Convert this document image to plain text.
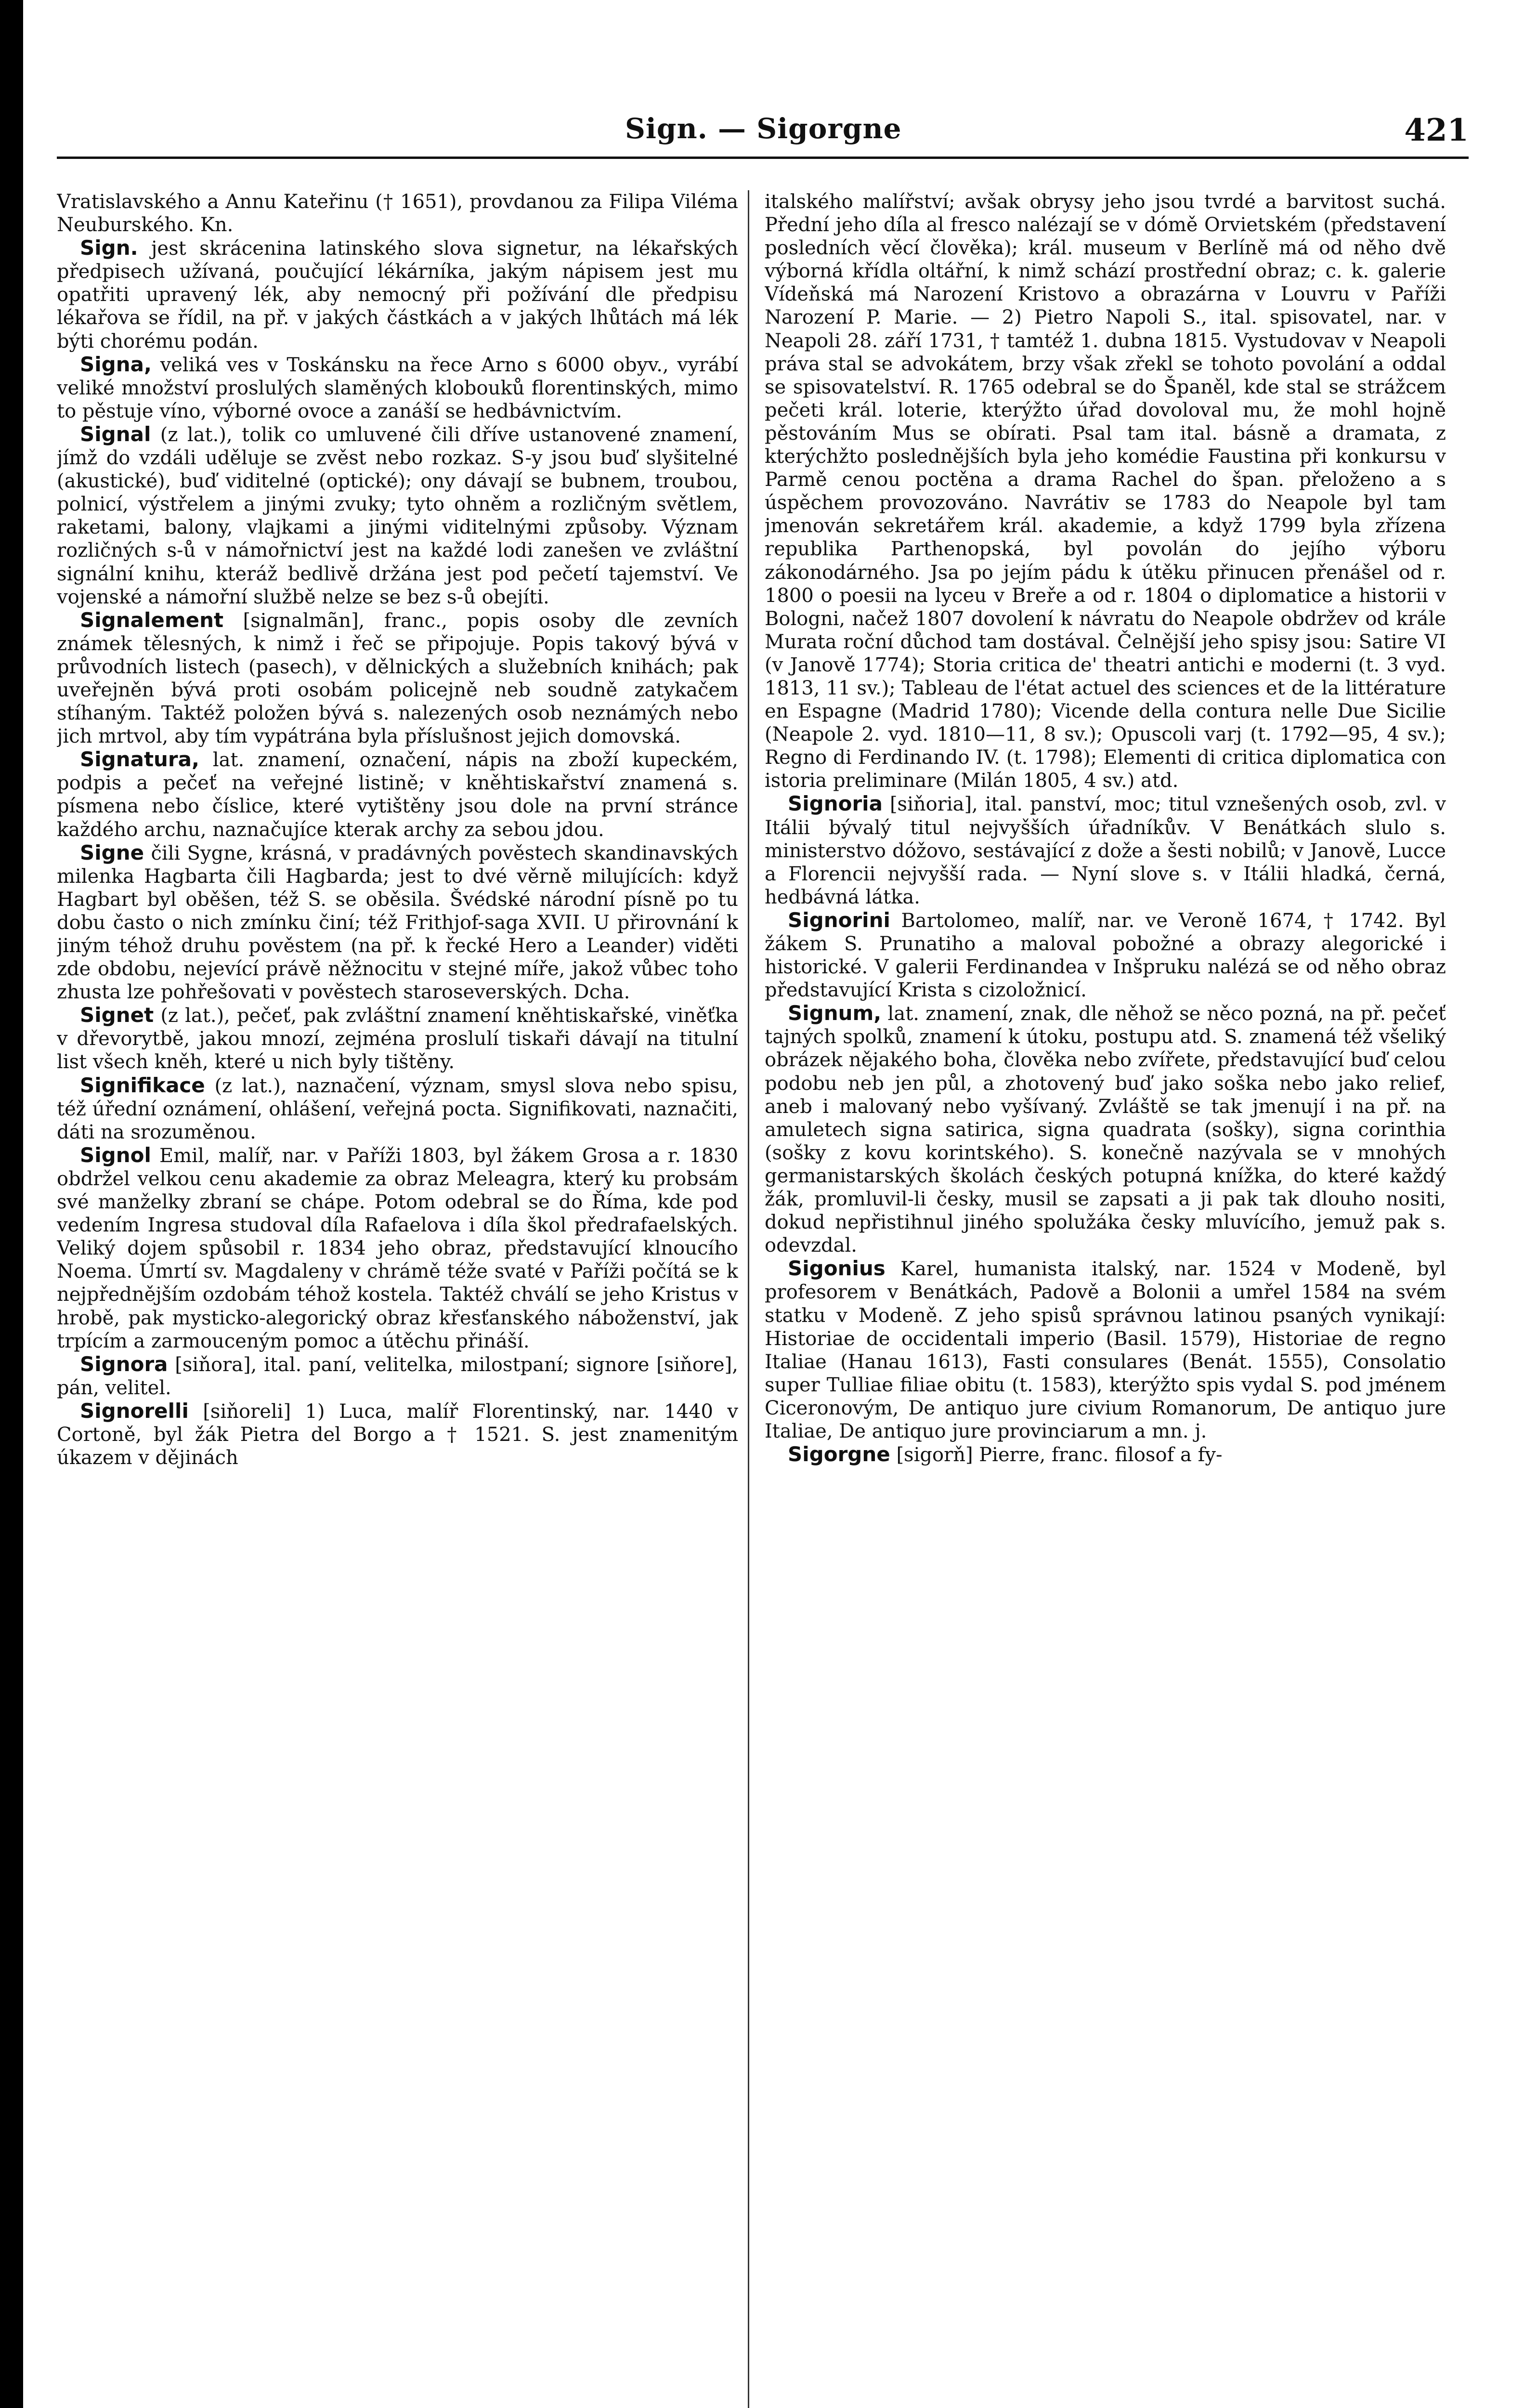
Sign. — Sigorgne	421

Vratislavského a Annu Kateřinu († 1651), provdanou za Filipa Viléma Neuburského. Kn.

Sign. jest skrácenina latinského slova signetur, na lékařských předpisech užívaná, poučující lékárníka, jakým nápisem jest mu opatřiti upravený lék, aby nemocný při požívání dle předpisu lékařova se řídil, na př. v jakých částkách a v jakých lhůtách má lék býti chorému podán.

Signa, veliká ves v Toskánsku na řece Arno s 6000 obyv., vyrábí veliké množství proslulých slaměných klobouků florentinských, mimo to pěstuje víno, výborné ovoce a zanáší se hedbávnictvím.

Signal (z lat.), tolik co umluvené čili dříve ustanovené znamení, jímž do vzdáli uděluje se zvěst nebo rozkaz. S-y jsou buď slyšitelné (akustické), buď viditelné (optické); ony dávají se bubnem, troubou, polnicí, výstřelem a jinými zvuky; tyto ohněm a rozličným světlem, raketami, balony, vlajkami a jinými viditelnými způsoby. Význam rozličných s-ů v námořnictví jest na každé lodi zanešen ve zvláštní signální knihu, kteráž bedlivě držána jest pod pečetí tajemství. Ve vojenské a námořní službě nelze se bez s-ů obejíti.

Signalement [signalmãn], franc., popis osoby dle zevních známek tělesných, k nimž i řeč se připojuje. Popis takový bývá v průvodních listech (pasech), v dělnických a služebních knihách; pak uveřejněn bývá proti osobám policejně neb soudně zatykačem stíhaným. Taktéž položen bývá s. nalezených osob neznámých nebo jich mrtvol, aby tím vypátrána byla příslušnost jejich domovská.

Signatura, lat. znamení, označení, nápis na zboží kupeckém, podpis a pečeť na veřejné listině; v kněhtiskařství znamená s. písmena nebo číslice, které vytištěny jsou dole na první stránce každého archu, naznačujíce kterak archy za sebou jdou.

Signe čili Sygne, krásná, v pradávných pověstech skandinavských milenka Hagbarta čili Hagbarda; jest to dvé věrně milujících: když Hagbart byl oběšen, též S. se oběsila. Švédské národní písně po tu dobu často o nich zmínku činí; též Frithjof-saga XVII. U přirovnání k jiným téhož druhu pověstem (na př. k řecké Hero a Leander) viděti zde obdobu, nejevící právě něžnocitu v stejné míře, jakož vůbec toho zhusta lze pohřešovati v pověstech staroseverských. Dcha.

Signet (z lat.), pečeť, pak zvláštní znamení kněhtiskařské, viněťka v dřevorytbě, jakou mnozí, zejména proslulí tiskaři dávají na titulní list všech kněh, které u nich byly tištěny.

Signifikace (z lat.), naznačení, význam, smysl slova nebo spisu, též úřední oznámení, ohlášení, veřejná pocta. Signifikovati, naznačiti, dáti na srozuměnou.

Signol Emil, malíř, nar. v Paříži 1803, byl žákem Grosa a r. 1830 obdržel velkou cenu akademie za obraz Meleagra, který ku probsám své manželky zbraní se chápe. Potom odebral se do Říma, kde pod vedením Ingresa studoval díla Rafaelova i díla škol předrafaelských. Veliký dojem spůsobil r. 1834 jeho obraz, představující klnoucího Noema. Úmrtí sv. Magdaleny v chrámě téže svaté v Paříži počítá se k nejpřednějším ozdobám téhož kostela. Taktéž chválí se jeho Kristus v hrobě, pak mysticko-alegorický obraz křesťanského náboženství, jak trpícím a zarmouceným pomoc a útěchu přináší.

Signora [siňora], ital. paní, velitelka, milostpaní; signore [siňore], pán, velitel.

Signorelli [siňoreli] 1) Luca, malíř Florentinský, nar. 1440 v Cortoně, byl žák Pietra del Borgo a † 1521. S. jest znamenitým úkazem v dějinách

italského malířství; avšak obrysy jeho jsou tvrdé a barvitost suchá. Přední jeho díla al fresco nalézají se v dómě Orvietském (představení posledních věcí člověka); král. museum v Berlíně má od něho dvě výborná křídla oltářní, k nimž schází prostřední obraz; c. k. galerie Vídeňská má Narození Kristovo a obrazárna v Louvru v Paříži Narození P. Marie. — 2) Pietro Napoli S., ital. spisovatel, nar. v Neapoli 28. září 1731, † tamtéž 1. dubna 1815. Vystudovav v Neapoli práva stal se advokátem, brzy však zřekl se tohoto povolání a oddal se spisovatelství. R. 1765 odebral se do Španěl, kde stal se strážcem pečeti král. loterie, kterýžto úřad dovoloval mu, že mohl hojně pěstováním Mus se obírati. Psal tam ital. básně a dramata, z kterýchžto poslednějších byla jeho komédie Faustina při konkursu v Parmě cenou poctěna a drama Rachel do špan. přeloženo a s úspěchem provozováno. Navrátiv se 1783 do Neapole byl tam jmenován sekretářem král. akademie, a když 1799 byla zřízena republika Parthenopská, byl povolán do jejího výboru zákonodárného. Jsa po jejím pádu k útěku přinucen přenášel od r. 1800 o poesii na lyceu v Breře a od r. 1804 o diplomatice a historii v Bologni, načež 1807 dovolení k návratu do Neapole obdržev od krále Murata roční důchod tam dostával. Čelnější jeho spisy jsou: Satire VI (v Janově 1774); Storia critica de' theatri antichi e moderni (t. 3 vyd. 1813, 11 sv.); Tableau de l'état actuel des sciences et de la littérature en Espagne (Madrid 1780); Vicende della contura nelle Due Sicilie (Neapole 2. vyd. 1810—11, 8 sv.); Opuscoli varj (t. 1792—95, 4 sv.); Regno di Ferdinando IV. (t. 1798); Elementi di critica diplomatica con istoria preliminare (Milán 1805, 4 sv.) atd.

Signoria [siňoria], ital. panství, moc; titul vznešených osob, zvl. v Itálii bývalý titul nejvyšších úřadníkův. V Benátkách slulo s. ministerstvo dóžovo, sestávající z dože a šesti nobilů; v Janově, Lucce a Florencii nejvyšší rada. — Nyní slove s. v Itálii hladká, černá, hedbávná látka.

Signorini Bartolomeo, malíř, nar. ve Veroně 1674, † 1742. Byl žákem S. Prunatiho a maloval pobožné a obrazy alegorické i historické. V galerii Ferdinandea v Inšpruku nalézá se od něho obraz představující Krista s cizoložnicí.

Signum, lat. znamení, znak, dle něhož se něco pozná, na př. pečeť tajných spolků, znamení k útoku, postupu atd. S. znamená též všeliký obrázek nějakého boha, člověka nebo zvířete, představující buď celou podobu neb jen půl, a zhotovený buď jako soška nebo jako relief, aneb i malovaný nebo vyšívaný. Zvláště se tak jmenují i na př. na amuletech signa satirica, signa quadrata (sošky), signa corinthia (sošky z kovu korintského). S. konečně nazývala se v mnohých germanistarských školách českých potupná knížka, do které každý žák, promluvil-li česky, musil se zapsati a ji pak tak dlouho nositi, dokud nepřistihnul jiného spolužáka česky mluvícího, jemuž pak s. odevzdal.

Sigonius Karel, humanista italský, nar. 1524 v Modeně, byl profesorem v Benátkách, Padově a Bolonii a umřel 1584 na svém statku v Modeně. Z jeho spisů správnou latinou psaných vynikají: Historiae de occidentali imperio (Basil. 1579), Historiae de regno Italiae (Hanau 1613), Fasti consulares (Benát. 1555), Consolatio super Tulliae filiae obitu (t. 1583), kterýžto spis vydal S. pod jménem Ciceronovým, De antiquo jure civium Romanorum, De antiquo jure Italiae, De antiquo jure provinciarum a mn. j.

Sigorgne [sigorň] Pierre, franc. filosof a fy-
